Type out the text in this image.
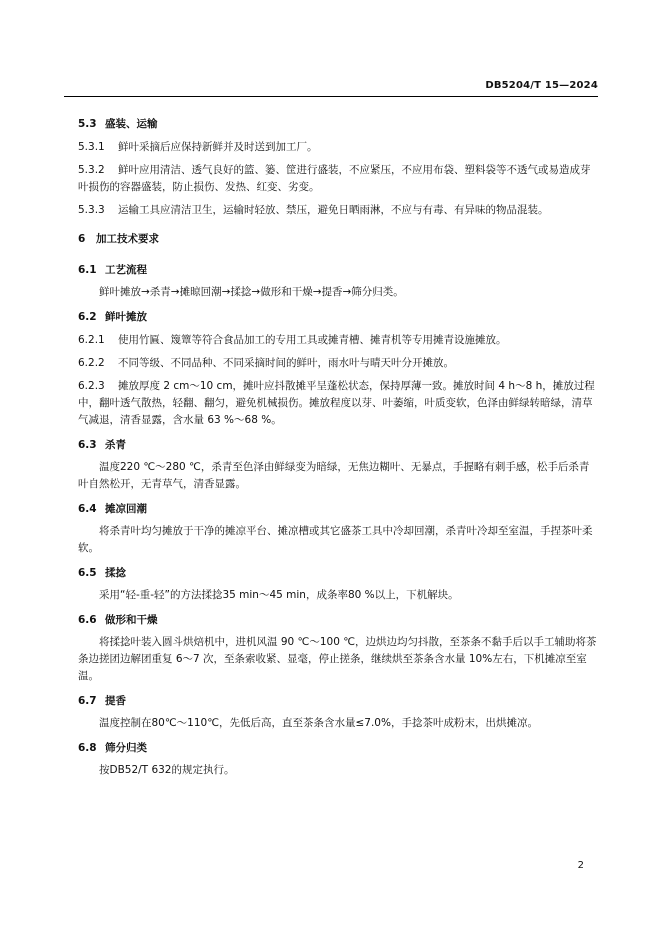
DB5204/T 15—2024
5.3 盛装、运输
5.3.1 鲜叶采摘后应保持新鲜并及时送到加工厂。
5.3.2 鲜叶应用清洁、透气良好的篮、篓、筐进行盛装，不应紧压，不应用布袋、塑料袋等不透气或易造成芽叶损伤的容器盛装，防止损伤、发热、红变、劣变。
5.3.3 运输工具应清洁卫生，运输时轻放、禁压，避免日晒雨淋，不应与有毒、有异味的物品混装。
6 加工技术要求
6.1 工艺流程
鲜叶摊放→杀青→摊晾回潮→揉捻→做形和干燥→提香→筛分归类。
6.2 鲜叶摊放
6.2.1 使用竹匾、篾簟等符合食品加工的专用工具或摊青槽、摊青机等专用摊青设施摊放。
6.2.2 不同等级、不同品种、不同采摘时间的鲜叶，雨水叶与晴天叶分开摊放。
6.2.3 摊放厚度 2 cm～10 cm，摊叶应抖散摊平呈蓬松状态，保持厚薄一致。摊放时间 4 h～8 h，摊放过程中，翻叶透气散热，轻翻、翻匀，避免机械损伤。摊放程度以芽、叶萎缩，叶质变软，色泽由鲜绿转暗绿，清草气减退，清香显露，含水量 63 %～68 %。
6.3 杀青
温度220 ℃～280 ℃，杀青至色泽由鲜绿变为暗绿，无焦边糊叶、无暴点，手握略有刺手感，松手后杀青叶自然松开，无青草气，清香显露。
6.4 摊凉回潮
将杀青叶均匀摊放于干净的摊凉平台、摊凉槽或其它盛茶工具中冷却回潮，杀青叶冷却至室温，手捏茶叶柔软。
6.5 揉捻
采用“轻-重-轻”的方法揉捻35 min～45 min，成条率80 %以上，下机解块。
6.6 做形和干燥
将揉捻叶装入圆斗烘焙机中，进机风温 90 ℃～100 ℃，边烘边均匀抖散，至茶条不黏手后以手工辅助将茶条边搓团边解团重复 6～7 次，至条索收紧、显毫，停止搓条，继续烘至茶条含水量 10%左右，下机摊凉至室温。
6.7 提香
温度控制在80℃～110℃，先低后高，直至茶条含水量≤7.0%，手捻茶叶成粉末，出烘摊凉。
6.8 筛分归类
按DB52/T 632的规定执行。
2
